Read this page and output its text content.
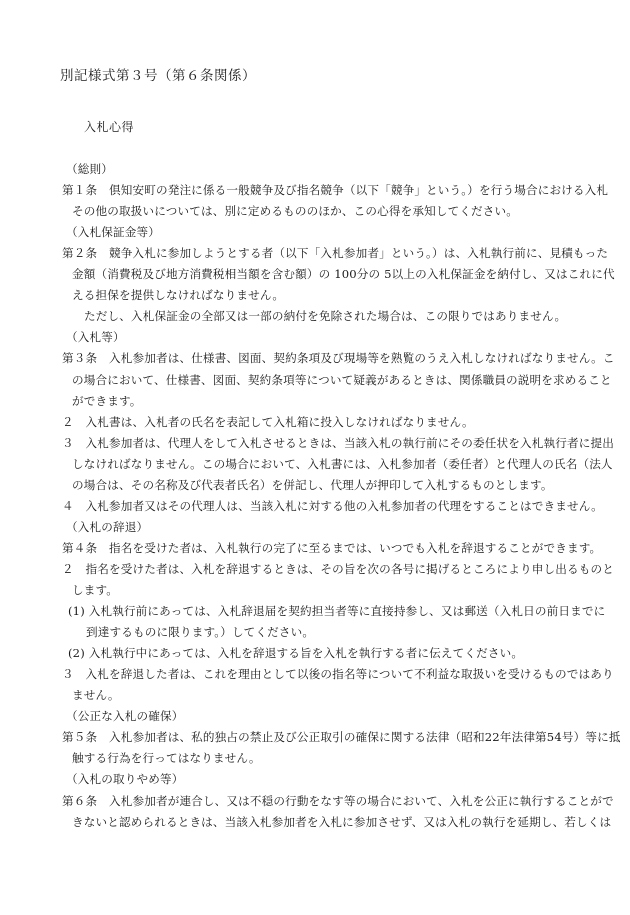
別記様式第３号（第６条関係）
入札心得
（総則）
第１条　倶知安町の発注に係る一般競争及び指名競争（以下「競争」という。）を行う場合における入札
その他の取扱いについては、別に定めるもののほか、この心得を承知してください。
（入札保証金等）
第２条　競争入札に参加しようとする者（以下「入札参加者」という。）は、入札執行前に、見積もった
金額（消費税及び地方消費税相当額を含む額）の 100分の 5以上の入札保証金を納付し、又はこれに代
える担保を提供しなければなりません。
ただし、入札保証金の全部又は一部の納付を免除された場合は、この限りではありません。
（入札等）
第３条　入札参加者は、仕様書、図面、契約条項及び現場等を熟覧のうえ入札しなければなりません。こ
の場合において、仕様書、図面、契約条項等について疑義があるときは、関係職員の説明を求めること
ができます。
２　入札書は、入札者の氏名を表記して入札箱に投入しなければなりません。
３　入札参加者は、代理人をして入札させるときは、当該入札の執行前にその委任状を入札執行者に提出
しなければなりません。この場合において、入札書には、入札参加者（委任者）と代理人の氏名（法人
の場合は、その名称及び代表者氏名）を併記し、代理人が押印して入札するものとします。
４　入札参加者又はその代理人は、当該入札に対する他の入札参加者の代理をすることはできません。
（入札の辞退）
第４条　指名を受けた者は、入札執行の完了に至るまでは、いつでも入札を辞退することができます。
２　指名を受けた者は、入札を辞退するときは、その旨を次の各号に掲げるところにより申し出るものと
します。
(1) 入札執行前にあっては、入札辞退届を契約担当者等に直接持参し、又は郵送（入札日の前日までに
到達するものに限ります。）してください。
(2) 入札執行中にあっては、入札を辞退する旨を入札を執行する者に伝えてください。
３　入札を辞退した者は、これを理由として以後の指名等について不利益な取扱いを受けるものではあり
ません。
（公正な入札の確保）
第５条　入札参加者は、私的独占の禁止及び公正取引の確保に関する法律（昭和22年法律第54号）等に抵
触する行為を行ってはなりません。
（入札の取りやめ等）
第６条　入札参加者が連合し、又は不穏の行動をなす等の場合において、入札を公正に執行することがで
きないと認められるときは、当該入札参加者を入札に参加させず、又は入札の執行を延期し、若しくは
